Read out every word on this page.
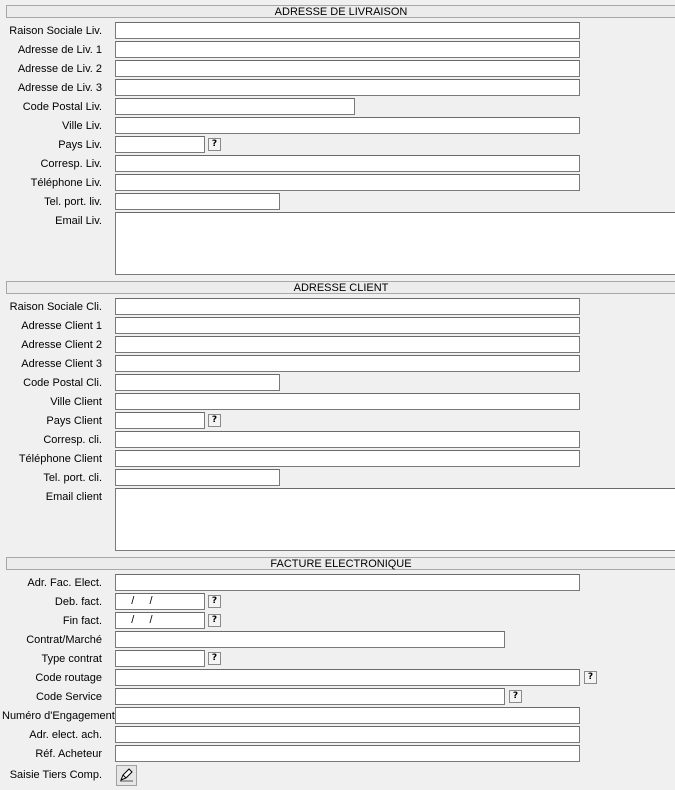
ADRESSE DE LIVRAISON
Raison Sociale Liv.
Adresse de Liv. 1
Adresse de Liv. 2
Adresse de Liv. 3
Code Postal Liv.
Ville Liv.
Pays Liv.	?
Corresp. Liv.
Téléphone Liv.
Tel. port. liv.
Email Liv.
ADRESSE CLIENT
Raison Sociale Cli.
Adresse Client 1
Adresse Client 2
Adresse Client 3
Code Postal Cli.
Ville Client
Pays Client	?
Corresp. cli.
Téléphone Client
Tel. port. cli.
Email client
FACTURE ELECTRONIQUE
Adr. Fac. Elect.
Deb. fact.	/     /	?
Fin fact.	/     /	?
Contrat/Marché
Type contrat	?
Code routage	?
Code Service	?
Numéro d'Engagement
Adr. elect. ach.
Réf. Acheteur
Saisie Tiers Comp.
